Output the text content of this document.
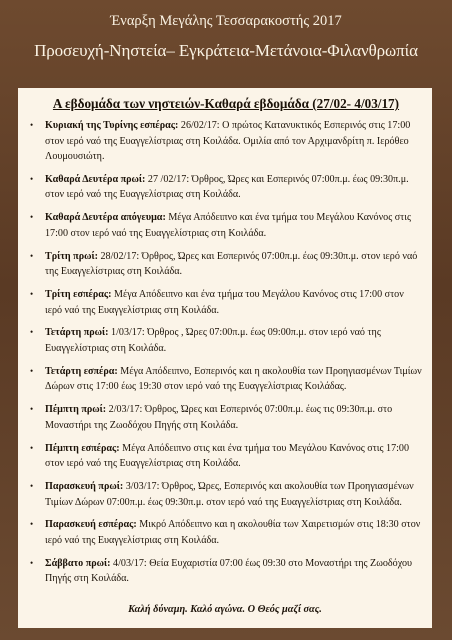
Έναρξη Μεγάλης Τεσσαρακοστής 2017
Προσευχή-Νηστεία– Εγκράτεια-Μετάνοια-Φιλανθρωπία
Α εβδομάδα των νηστειών-Καθαρά εβδομάδα (27/02- 4/03/17)
• Κυριακή της Τυρίνης εσπέρας: 26/02/17: Ο πρώτος Κατανυκτικός Εσπερινός στις 17:00 στον ιερό ναό της Ευαγγελίστριας στη Κοιλάδα. Ομιλία από τον Αρχιμανδρίτη π. Ιερόθεο Λουμουσιώτη.
• Καθαρά Δευτέρα πρωί: 27 /02/17: Όρθρος, Ώρες και Εσπερινός 07:00π.μ. έως 09:30π.μ. στον ιερό ναό της Ευαγγελίστριας στη Κοιλάδα.
• Καθαρά Δευτέρα απόγευμα: Μέγα Απόδειπνο και ένα τμήμα του Μεγάλου Κανόνος στις 17:00 στον ιερό ναό της Ευαγγελίστριας στη Κοιλάδα.
• Τρίτη πρωί: 28/02/17: Όρθρος, Ώρες και Εσπερινός 07:00π.μ. έως 09:30π.μ. στον ιερό ναό της Ευαγγελίστριας στη Κοιλάδα.
• Τρίτη εσπέρας: Μέγα Απόδειπνο και ένα τμήμα του Μεγάλου Κανόνος στις 17:00 στον ιερό ναό της Ευαγγελίστριας στη Κοιλάδα.
• Τετάρτη πρωί: 1/03/17: Όρθρος , Ώρες 07:00π.μ. έως 09:00π.μ. στον ιερό ναό της Ευαγγελίστριας στη Κοιλάδα.
• Τετάρτη εσπέρα: Μέγα Απόδειπνο, Εσπερινός και η ακολουθία των Προηγιασμένων Τιμίων Δώρων στις 17:00 έως 19:30 στον ιερό ναό της Ευαγγελίστριας Κοιλάδας.
• Πέμπτη πρωί: 2/03/17: Όρθρος, Ώρες και Εσπερινός 07:00π.μ. έως τις 09:30π.μ. στο Μοναστήρι της Ζωοδόχου Πηγής στη Κοιλάδα.
• Πέμπτη εσπέρας: Μέγα Απόδειπνο στις και ένα τμήμα του Μεγάλου Κανόνος στις 17:00 στον ιερό ναό της Ευαγγελίστριας στη Κοιλάδα.
• Παρασκευή πρωί: 3/03/17: Όρθρος, Ώρες, Εσπερινός και ακολουθία των Προηγιασμένων Τιμίων Δώρων 07:00π.μ. έως 09:30π.μ. στον ιερό ναό της Ευαγγελίστριας στη Κοιλάδα.
• Παρασκευή εσπέρας: Μικρό Απόδειπνο και η ακολουθία των Χαιρετισμών στις 18:30 στον ιερό ναό της Ευαγγελίστριας στη Κοιλάδα.
• Σάββατο πρωί: 4/03/17: Θεία Ευχαριστία 07:00 έως 09:30 στο Μοναστήρι της Ζωοδόχου Πηγής στη Κοιλάδα.
Καλή δύναμη. Καλό αγώνα. Ο Θεός μαζί σας.
